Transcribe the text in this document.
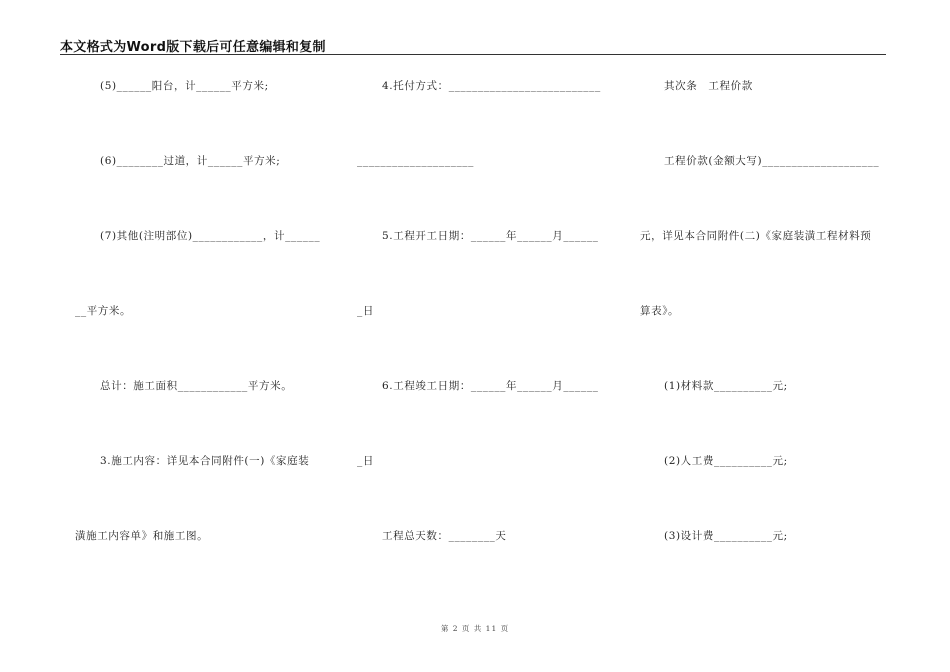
本文格式为Word版下载后可任意编辑和复制
(5)______阳台，计______平方米;
(6)________过道，计______平方米;
(7)其他(注明部位)____________，计______
__平方米。
总计：施工面积____________平方米。
3.施工内容：详见本合同附件(一)《家庭装
潢施工内容单》和施工图。
4.托付方式：__________________________
____________________
5.工程开工日期：______年______月______
_日
6.工程竣工日期：______年______月______
_日
工程总天数：________天
其次条　工程价款
工程价款(金额大写)____________________
元，详见本合同附件(二)《家庭装潢工程材料预
算表》。
(1)材料款__________元;
(2)人工费__________元;
(3)设计费__________元;
第 2 页 共 11 页
